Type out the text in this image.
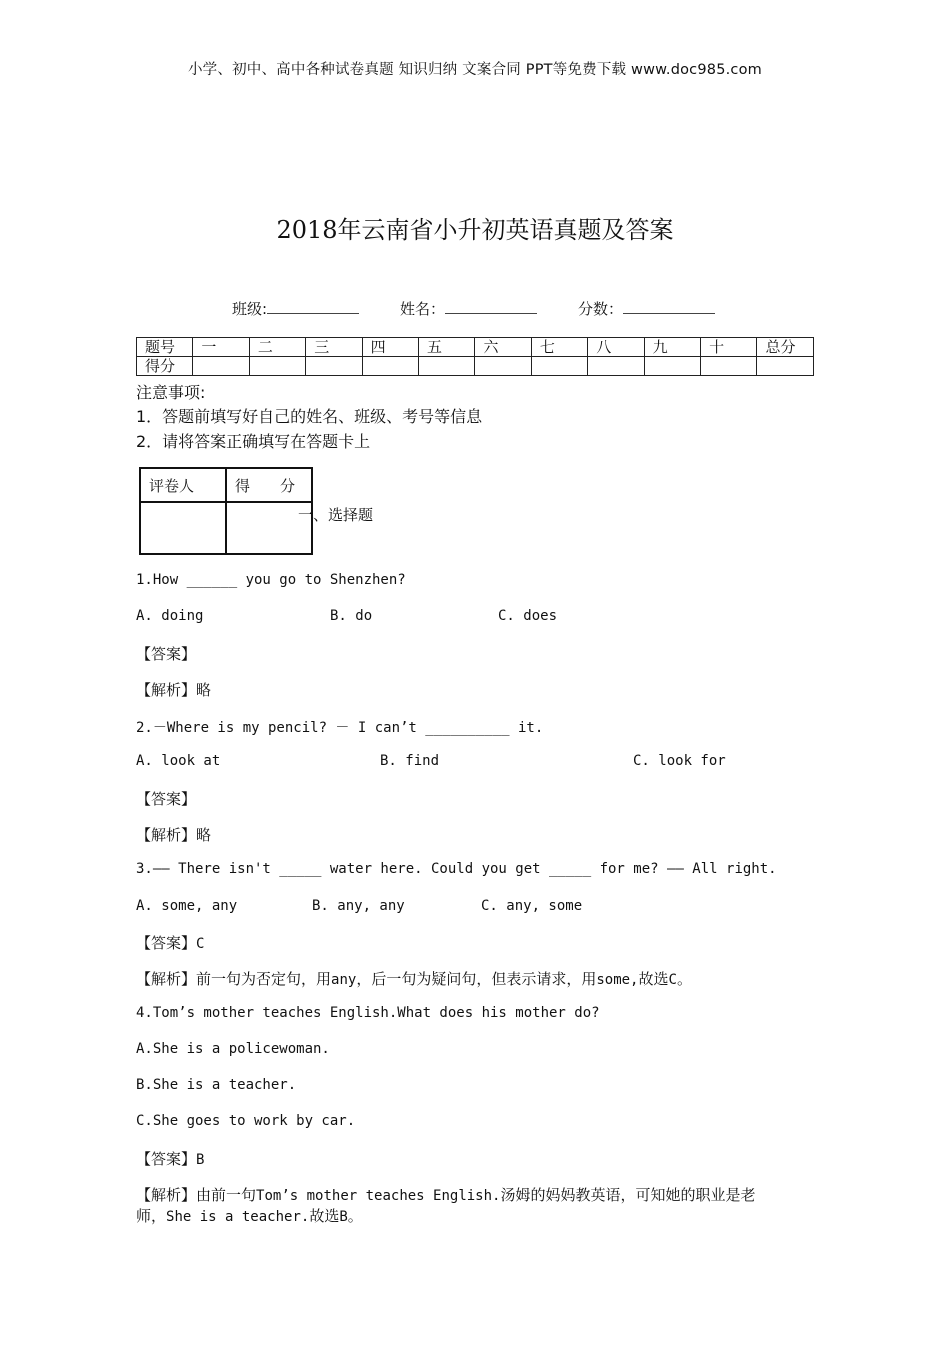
小学、初中、高中各种试卷真题 知识归纳 文案合同 PPT等免费下载 www.doc985.com
2018年云南省小升初英语真题及答案
班级:	姓名：	分数：
题号	一	二	三	四	五	六	七	八	九	十	总分
得分											
注意事项:
1．答题前填写好自己的姓名、班级、考号等信息
2．请将答案正确填写在答题卡上
评卷人	得　　分

一、选择题
1.How ______ you go to Shenzhen?
A. doing	B. do	C. does
【答案】
【解析】略
2.－Where is my pencil? － I can’t __________ it.
A. look at	B. find	C. look for
【答案】
【解析】略
3.—— There isn't _____ water here. Could you get _____ for me? —— All right.
A. some, any	B. any, any	C. any, some
【答案】C
【解析】前一句为否定句，用any，后一句为疑问句，但表示请求，用some,故选C。
4.Tom’s mother teaches English.What does his mother do?
A.She is a policewoman.
B.She is a teacher.
C.She goes to work by car.
【答案】B
【解析】由前一句Tom’s mother teaches English.汤姆的妈妈教英语，可知她的职业是老
师，She is a teacher.故选B。
